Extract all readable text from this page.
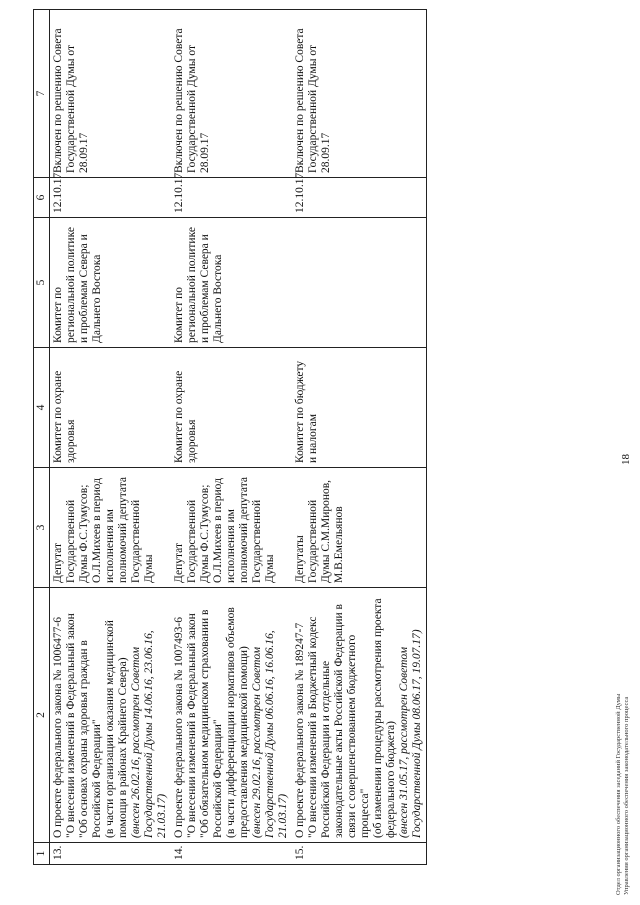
18
1	2	3	4	5	6	7
13.	О проекте федерального закона № 1006477-6 "О внесении изменений в Федеральный закон "Об основах охраны здоровья граждан в Российской Федерации" (в части организации оказания медицинской помощи в районах Крайнего Севера) (внесен 26.02.16, рассмотрен Советом Государственной Думы 14.06.16, 23.06.16, 21.03.17)	Депутат Государственной Думы Ф.С.Тумусов; О.Л.Михеев в период исполнения им полномочий депутата Государственной Думы	Комитет по охране здоровья	Комитет по региональной политике и проблемам Севера и Дальнего Востока	12.10.17	Включен по решению Совета Государственной Думы от 28.09.17
14.	О проекте федерального закона № 1007493-6 "О внесении изменений в Федеральный закон "Об обязательном медицинском страховании в Российской Федерации" (в части дифференциации нормативов объемов предоставления медицинской помощи) (внесен 29.02.16, рассмотрен Советом Государственной Думы 06.06.16, 16.06.16, 21.03.17)	Депутат Государственной Думы Ф.С.Тумусов; О.Л.Михеев в период исполнения им полномочий депутата Государственной Думы	Комитет по охране здоровья	Комитет по региональной политике и проблемам Севера и Дальнего Востока	12.10.17	Включен по решению Совета Государственной Думы от 28.09.17
15.	О проекте федерального закона № 189247-7 "О внесении изменений в Бюджетный кодекс Российской Федерации и отдельные законодательные акты Российской Федерации в связи с совершенствованием бюджетного процесса" (об изменении процедуры рассмотрения проекта федерального бюджета) (внесен 31.05.17, рассмотрен Советом Государственной Думы 08.06.17, 19.07.17)	Депутаты Государственной Думы С.М.Миронов, М.В.Емельянов	Комитет по бюджету и налогам		12.10.17	Включен по решению Совета Государственной Думы от 28.09.17
Отдел организационного обеспечения заседаний Государственной Думы Управления организационного обеспечения законодательного процесса
